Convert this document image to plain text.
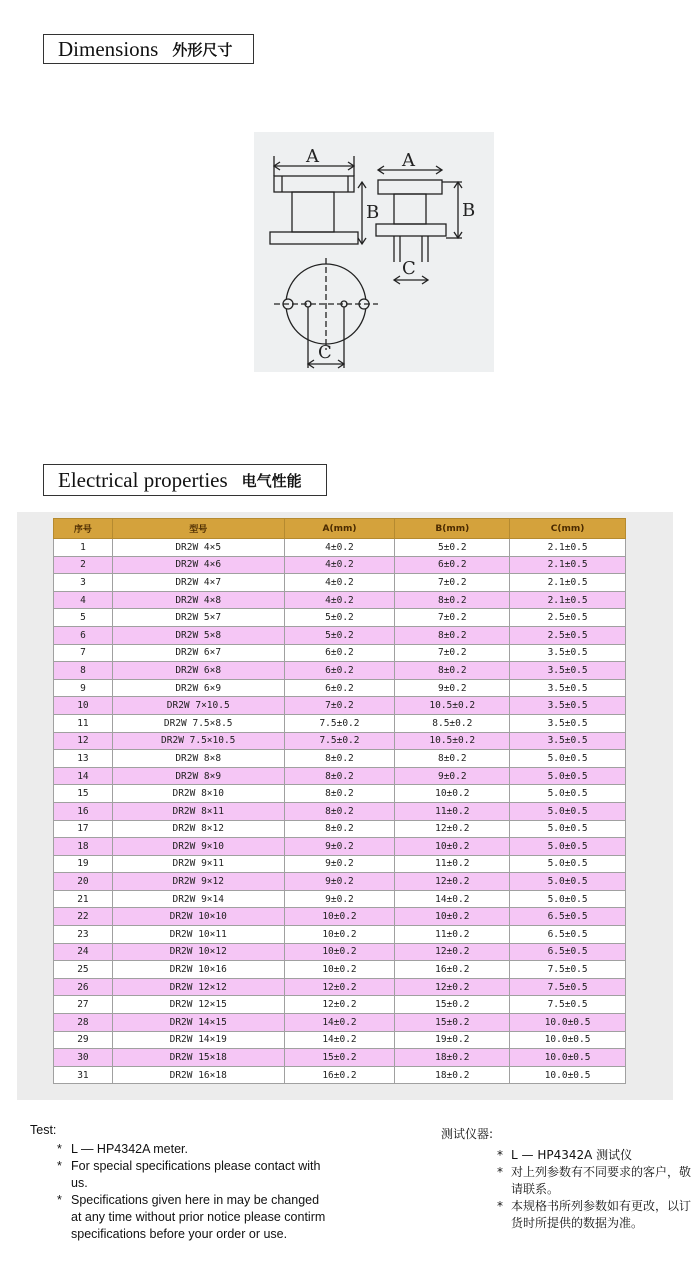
Dimensions 外形尺寸
A	A
B	B
C
C
Electrical properties 电气性能
序号	型号	A(mm)	B(mm)	C(mm)
1	DR2W 4×5	4±0.2	5±0.2	2.1±0.5
2	DR2W 4×6	4±0.2	6±0.2	2.1±0.5
3	DR2W 4×7	4±0.2	7±0.2	2.1±0.5
4	DR2W 4×8	4±0.2	8±0.2	2.1±0.5
5	DR2W 5×7	5±0.2	7±0.2	2.5±0.5
6	DR2W 5×8	5±0.2	8±0.2	2.5±0.5
7	DR2W 6×7	6±0.2	7±0.2	3.5±0.5
8	DR2W 6×8	6±0.2	8±0.2	3.5±0.5
9	DR2W 6×9	6±0.2	9±0.2	3.5±0.5
10	DR2W 7×10.5	7±0.2	10.5±0.2	3.5±0.5
11	DR2W 7.5×8.5	7.5±0.2	8.5±0.2	3.5±0.5
12	DR2W 7.5×10.5	7.5±0.2	10.5±0.2	3.5±0.5
13	DR2W 8×8	8±0.2	8±0.2	5.0±0.5
14	DR2W 8×9	8±0.2	9±0.2	5.0±0.5
15	DR2W 8×10	8±0.2	10±0.2	5.0±0.5
16	DR2W 8×11	8±0.2	11±0.2	5.0±0.5
17	DR2W 8×12	8±0.2	12±0.2	5.0±0.5
18	DR2W 9×10	9±0.2	10±0.2	5.0±0.5
19	DR2W 9×11	9±0.2	11±0.2	5.0±0.5
20	DR2W 9×12	9±0.2	12±0.2	5.0±0.5
21	DR2W 9×14	9±0.2	14±0.2	5.0±0.5
22	DR2W 10×10	10±0.2	10±0.2	6.5±0.5
23	DR2W 10×11	10±0.2	11±0.2	6.5±0.5
24	DR2W 10×12	10±0.2	12±0.2	6.5±0.5
25	DR2W 10×16	10±0.2	16±0.2	7.5±0.5
26	DR2W 12×12	12±0.2	12±0.2	7.5±0.5
27	DR2W 12×15	12±0.2	15±0.2	7.5±0.5
28	DR2W 14×15	14±0.2	15±0.2	10.0±0.5
29	DR2W 14×19	14±0.2	19±0.2	10.0±0.5
30	DR2W 15×18	15±0.2	18±0.2	10.0±0.5
31	DR2W 16×18	16±0.2	18±0.2	10.0±0.5
Test:
* L — HP4342A meter.
* For special specifications please contact with us.
* Specifications given here in may be changed at any time without prior notice please contirm specifications before your order or use.
测试仪器:
* L — HP4342A 测试仪
* 对上列参数有不同要求的客户，敬请联系。
* 本规格书所列参数如有更改，以订货时所提供的数据为准。
